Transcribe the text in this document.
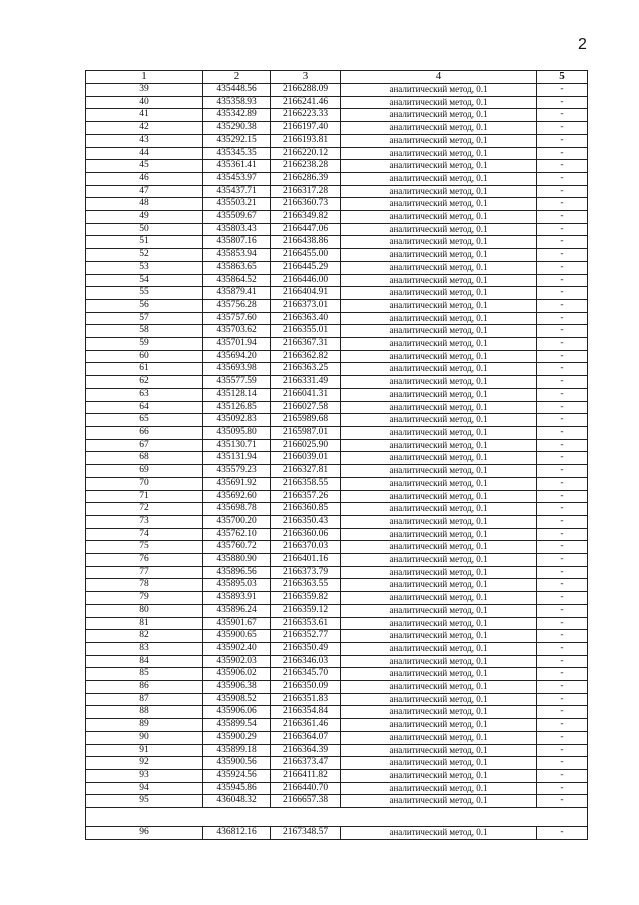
2
1	2	3	4	5
39	435448.56	2166288.09	аналитический метод, 0.1	-
40	435358.93	2166241.46	аналитический метод, 0.1	-
41	435342.89	2166223.33	аналитический метод, 0.1	-
42	435290.38	2166197.40	аналитический метод, 0.1	-
43	435292.15	2166193.81	аналитический метод, 0.1	-
44	435345.35	2166220.12	аналитический метод, 0.1	-
45	435361.41	2166238.28	аналитический метод, 0.1	-
46	435453.97	2166286.39	аналитический метод, 0.1	-
47	435437.71	2166317.28	аналитический метод, 0.1	-
48	435503.21	2166360.73	аналитический метод, 0.1	-
49	435509.67	2166349.82	аналитический метод, 0.1	-
50	435803.43	2166447.06	аналитический метод, 0.1	-
51	435807.16	2166438.86	аналитический метод, 0.1	-
52	435853.94	2166455.00	аналитический метод, 0.1	-
53	435863.65	2166445.29	аналитический метод, 0.1	-
54	435864.52	2166446.00	аналитический метод, 0.1	-
55	435879.41	2166404.91	аналитический метод, 0.1	-
56	435756.28	2166373.01	аналитический метод, 0.1	-
57	435757.60	2166363.40	аналитический метод, 0.1	-
58	435703.62	2166355.01	аналитический метод, 0.1	-
59	435701.94	2166367.31	аналитический метод, 0.1	-
60	435694.20	2166362.82	аналитический метод, 0.1	-
61	435693.98	2166363.25	аналитический метод, 0.1	-
62	435577.59	2166331.49	аналитический метод, 0.1	-
63	435128.14	2166041.31	аналитический метод, 0.1	-
64	435126.85	2166027.58	аналитический метод, 0.1	-
65	435092.83	2165989.68	аналитический метод, 0.1	-
66	435095.80	2165987.01	аналитический метод, 0.1	-
67	435130.71	2166025.90	аналитический метод, 0.1	-
68	435131.94	2166039.01	аналитический метод, 0.1	-
69	435579.23	2166327.81	аналитический метод, 0.1	-
70	435691.92	2166358.55	аналитический метод, 0.1	-
71	435692.60	2166357.26	аналитический метод, 0.1	-
72	435698.78	2166360.85	аналитический метод, 0.1	-
73	435700.20	2166350.43	аналитический метод, 0.1	-
74	435762.10	2166360.06	аналитический метод, 0.1	-
75	435760.72	2166370.03	аналитический метод, 0.1	-
76	435880.90	2166401.16	аналитический метод, 0.1	-
77	435896.56	2166373.79	аналитический метод, 0.1	-
78	435895.03	2166363.55	аналитический метод, 0.1	-
79	435893.91	2166359.82	аналитический метод, 0.1	-
80	435896.24	2166359.12	аналитический метод, 0.1	-
81	435901.67	2166353.61	аналитический метод, 0.1	-
82	435900.65	2166352.77	аналитический метод, 0.1	-
83	435902.40	2166350.49	аналитический метод, 0.1	-
84	435902.03	2166346.03	аналитический метод, 0.1	-
85	435906.02	2166345.70	аналитический метод, 0.1	-
86	435906.38	2166350.09	аналитический метод, 0.1	-
87	435908.52	2166351.83	аналитический метод, 0.1	-
88	435906.06	2166354.84	аналитический метод, 0.1	-
89	435899.54	2166361.46	аналитический метод, 0.1	-
90	435900.29	2166364.07	аналитический метод, 0.1	-
91	435899.18	2166364.39	аналитический метод, 0.1	-
92	435900.56	2166373.47	аналитический метод, 0.1	-
93	435924.56	2166411.82	аналитический метод, 0.1	-
94	435945.86	2166440.70	аналитический метод, 0.1	-
95	436048.32	2166657.38	аналитический метод, 0.1	-

96	436812.16	2167348.57	аналитический метод, 0.1	-
